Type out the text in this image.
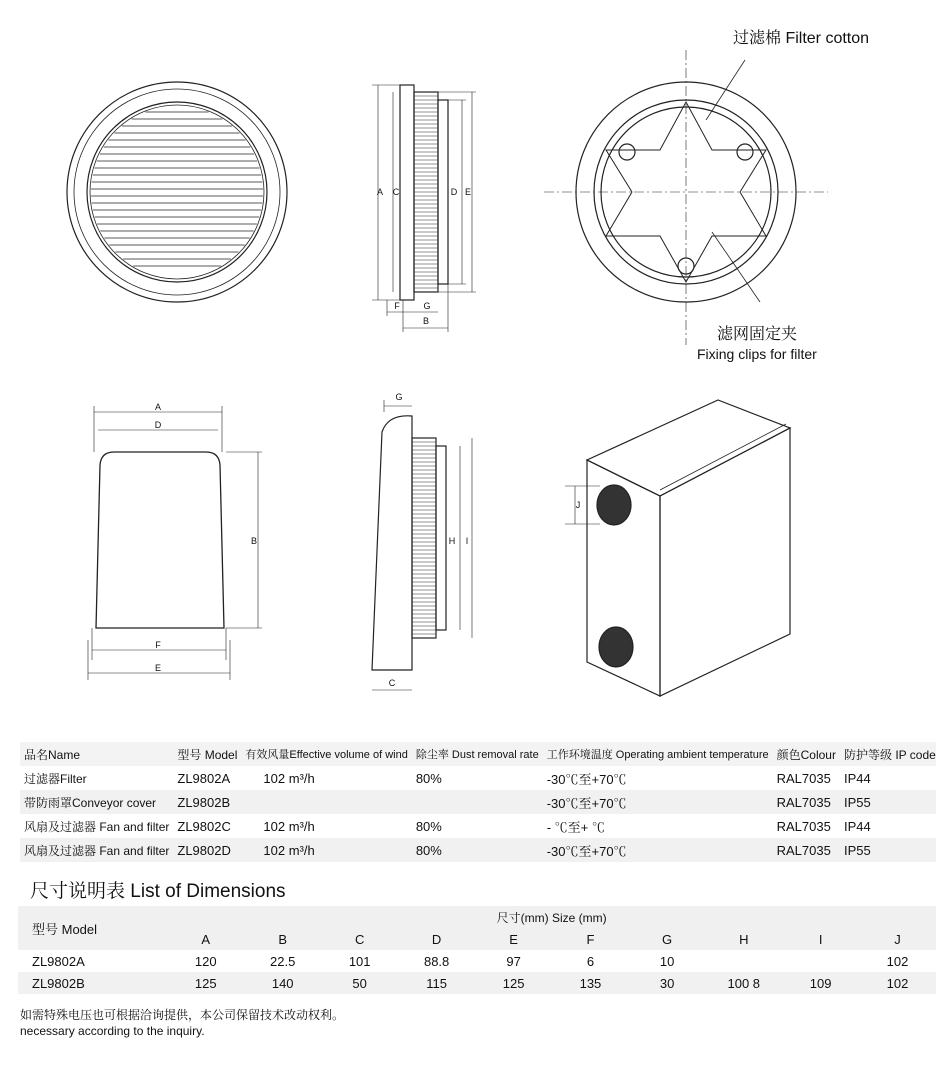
A C	D E
F	G
B
A
D
B
F
E
G
H I
C
J
过滤棉 Filter cotton
滤网固定夹
Fixing clips for filter
品名Name	型号 Model	有效风量Effective volume of wind	除尘率 Dust removal rate	工作环境温度 Operating ambient temperature	颜色Colour	防护等级 IP code
过滤器Filter	ZL9802A	102 m³/h	80%	-30℃至+70℃	RAL7035	IP44
带防雨罩Conveyor cover	ZL9802B			-30℃至+70℃	RAL7035	IP55
风扇及过滤器 Fan and filter	ZL9802C	102 m³/h	80%	- ℃至+ ℃	RAL7035	IP44
风扇及过滤器 Fan and filter	ZL9802D	102 m³/h	80%	-30℃至+70℃	RAL7035	IP55
尺寸说明表 List of Dimensions
型号 Model	尺寸(mm) Size (mm)									
	A	B	C	D	E	F	G	H	I	J
ZL9802A	120	22.5	101	88.8	97	6	10			102
ZL9802B	125	140	50	115	125	135	30	100 8	109	102
如需特殊电压也可根据洽询提供，本公司保留技术改动权利。
necessary according to the inquiry.
